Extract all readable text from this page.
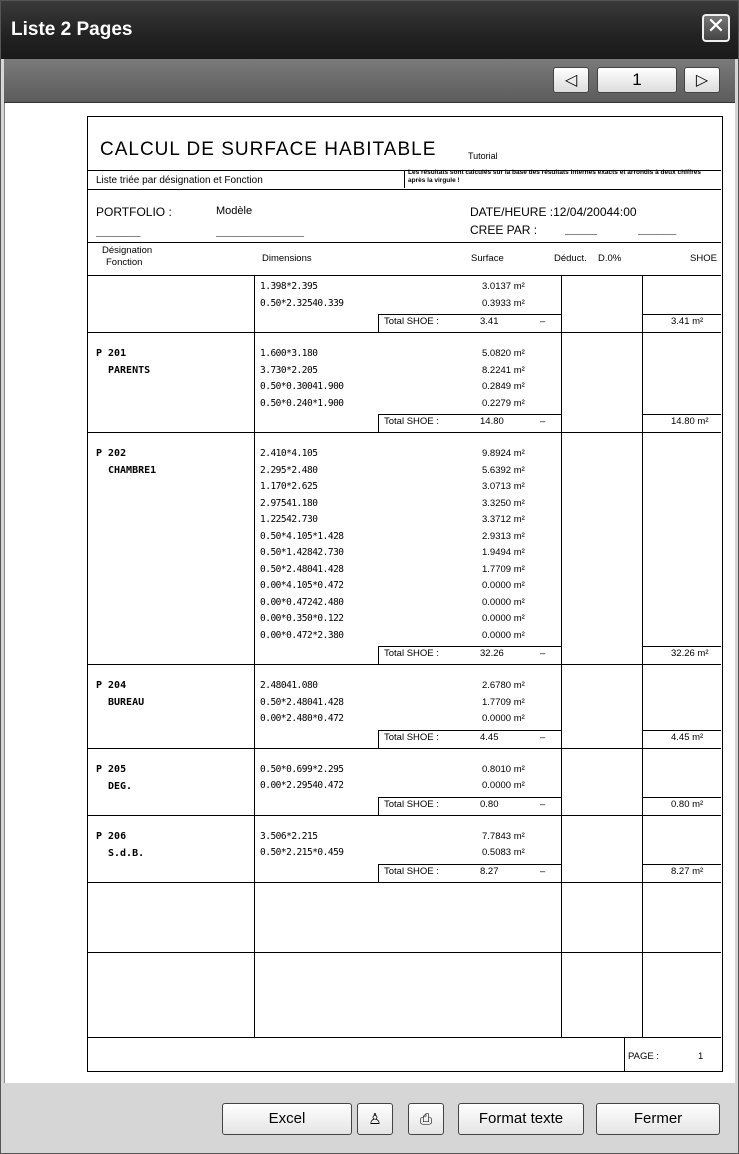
Liste 2 Pages	✕
◁	1	▷
CALCUL DE SURFACE HABITABLE	Tutorial
Liste triée par désignation et Fonction
Les résultats sont calculés sur la base des résultats internes exacts et arrondis à deux chiffres après la virgule !
PORTFOLIO :	Modèle
_______	______________
DATE/HEURE :12/04/20044:00
CREE PAR : _____	______
Désignation
Fonction	Dimensions	Surface	Déduct. D.0%	SHOE
PAGE :	1
1.398*2.395	3.0137 m²
0.50*2.32540.339	0.3933 m²
Total SHOE :	3.41	–	3.41 m²
P 201
PARENTS
1.600*3.180	5.0820 m²
3.730*2.205	8.2241 m²
0.50*0.30041.900	0.2849 m²
0.50*0.240*1.900	0.2279 m²
Total SHOE :	14.80	–	14.80 m²
P 202
CHAMBRE1
2.410*4.105	9.8924 m²
2.295*2.480	5.6392 m²
1.170*2.625	3.0713 m²
2.97541.180	3.3250 m²
1.22542.730	3.3712 m²
0.50*4.105*1.428	2.9313 m²
0.50*1.42842.730	1.9494 m²
0.50*2.48041.428	1.7709 m²
0.00*4.105*0.472	0.0000 m²
0.00*0.47242.480	0.0000 m²
0.00*0.350*0.122	0.0000 m²
0.00*0.472*2.380	0.0000 m²
Total SHOE :	32.26	–	32.26 m²
P 204
BUREAU
2.48041.080	2.6780 m²
0.50*2.48041.428	1.7709 m²
0.00*2.480*0.472	0.0000 m²
Total SHOE :	4.45	–	4.45 m²
P 205
DEG.
0.50*0.699*2.295	0.8010 m²
0.00*2.29540.472	0.0000 m²
Total SHOE :	0.80	–	0.80 m²
P 206
S.d.B.
3.506*2.215	7.7843 m²
0.50*2.215*0.459	0.5083 m²
Total SHOE :	8.27	–	8.27 m²
Excel	♙	⎙	Format texte	Fermer
